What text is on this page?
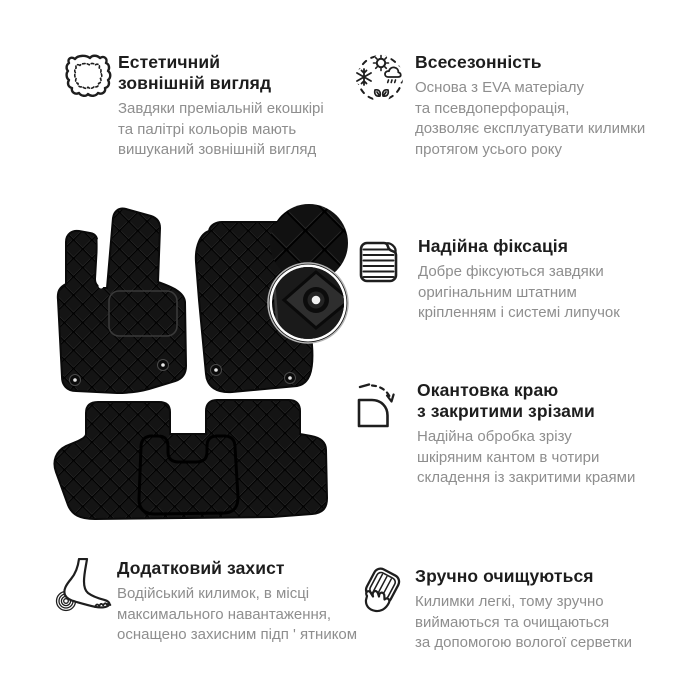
Естетичний
зовнішній вигляд
Завдяки преміальній екошкірі
та палітрі кольорів мають
вишуканий зовнішній вигляд
Всесезонність
Основа з EVA матеріалу
та псевдоперфорація,
дозволяє експлуатувати килимки
протягом усього року
Надійна фіксація
Добре фіксуються завдяки
оригінальним штатним
кріпленням і системі липучок
Окантовка краю
з закритими зрізами
Надійна обробка зрізу
шкіряним кантом в чотири
складення із закритими краями
Додатковий захист
Водійський килимок, в місці
максимального навантаження,
оснащено захисним підп ' ятником
Зручно очищуються
Килимки легкі, тому зручно
виймаються та очищаються
за допомогою вологої серветки
